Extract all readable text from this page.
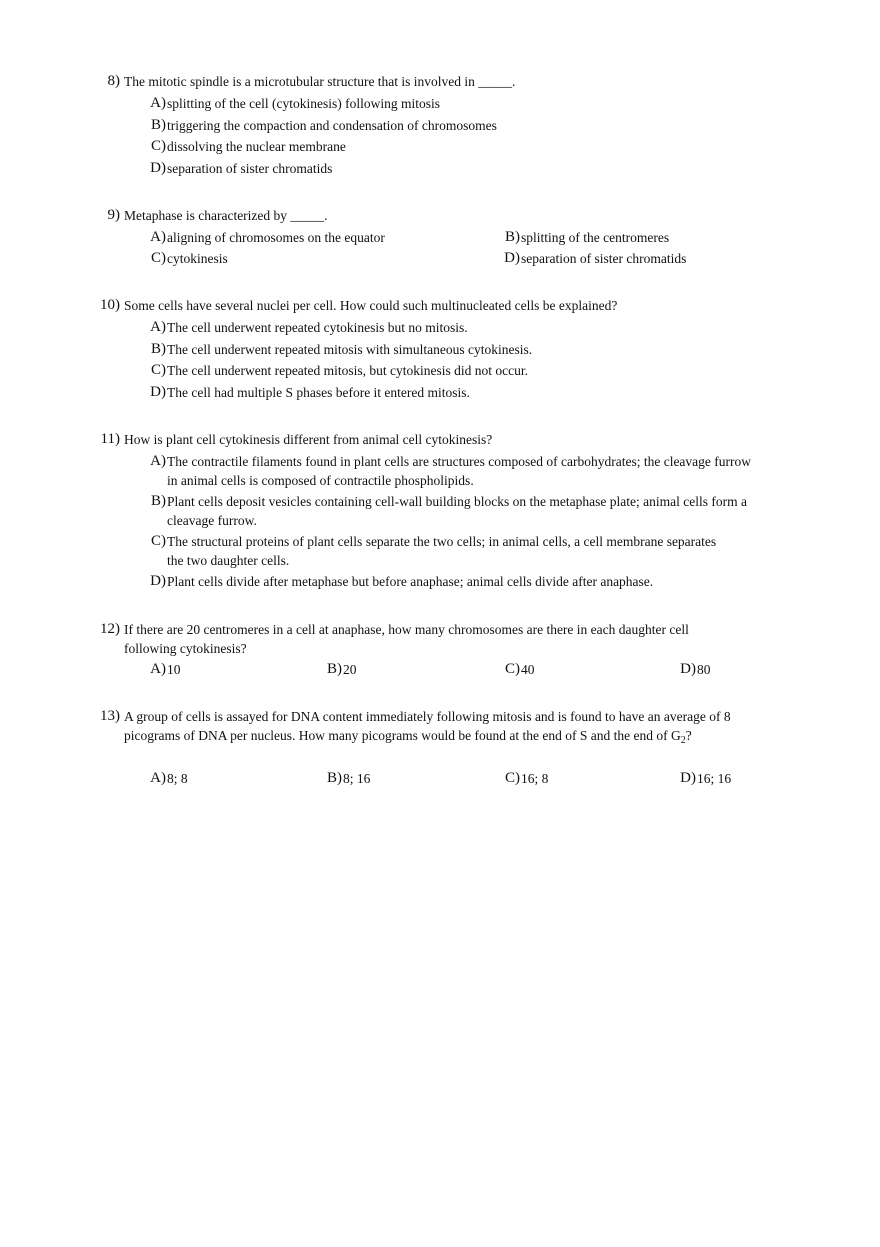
8) The mitotic spindle is a microtubular structure that is involved in _____.
A) splitting of the cell (cytokinesis) following mitosis
B) triggering the compaction and condensation of chromosomes
C) dissolving the nuclear membrane
D) separation of sister chromatids
9) Metaphase is characterized by _____.
A) aligning of chromosomes on the equator	B) splitting of the centromeres
C) cytokinesis	D) separation of sister chromatids
10) Some cells have several nuclei per cell. How could such multinucleated cells be explained?
A) The cell underwent repeated cytokinesis but no mitosis.
B) The cell underwent repeated mitosis with simultaneous cytokinesis.
C) The cell underwent repeated mitosis, but cytokinesis did not occur.
D) The cell had multiple S phases before it entered mitosis.
11) How is plant cell cytokinesis different from animal cell cytokinesis?
A) The contractile filaments found in plant cells are structures composed of carbohydrates; the cleavage furrow in animal cells is composed of contractile phospholipids.
B) Plant cells deposit vesicles containing cell-wall building blocks on the metaphase plate; animal cells form a cleavage furrow.
C) The structural proteins of plant cells separate the two cells; in animal cells, a cell membrane separates the two daughter cells.
D) Plant cells divide after metaphase but before anaphase; animal cells divide after anaphase.
12) If there are 20 centromeres in a cell at anaphase, how many chromosomes are there in each daughter cell following cytokinesis?
A) 10	B) 20	C) 40	D) 80
13) A group of cells is assayed for DNA content immediately following mitosis and is found to have an average of 8 picograms of DNA per nucleus. How many picograms would be found at the end of S and the end of $G_2$?
A) 8; 8	B) 8; 16	C) 16; 8	D) 16; 16
